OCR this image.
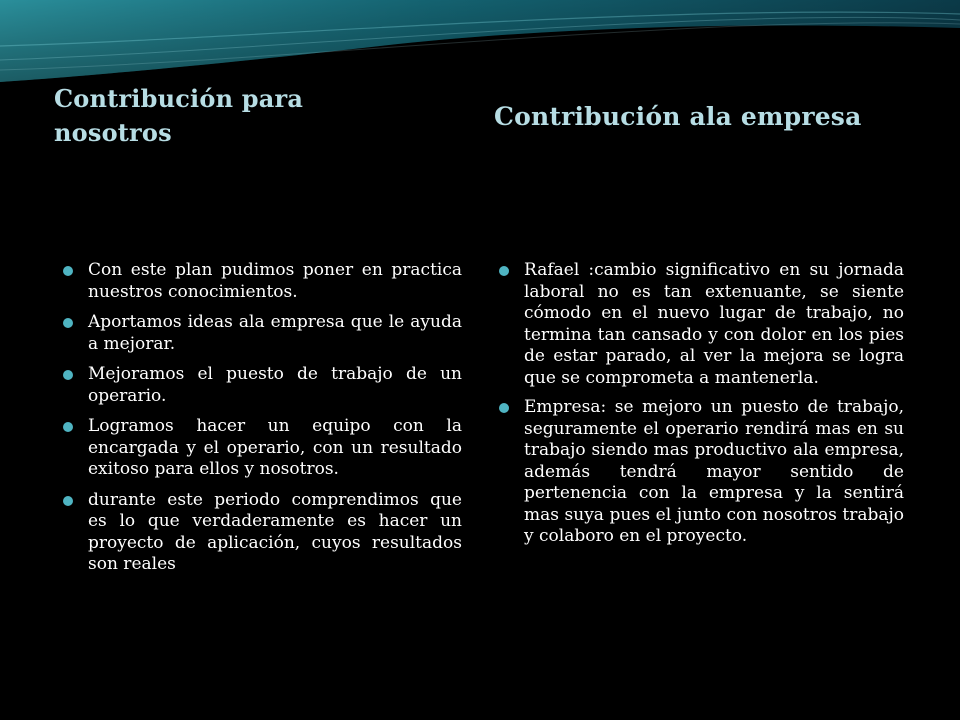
Contribución para nosotros
Contribución ala empresa
Con este plan pudimos poner en practica nuestros conocimientos.
Aportamos ideas ala empresa que le ayuda a mejorar.
Mejoramos el puesto de trabajo de un operario.
Logramos hacer un equipo con la encargada y el operario, con un resultado exitoso para ellos y nosotros.
durante este periodo comprendimos que es lo que verdaderamente es hacer un proyecto de aplicación, cuyos resultados son reales
Rafael :cambio significativo en su jornada laboral no es tan extenuante, se siente cómodo en el nuevo lugar de trabajo, no termina tan cansado y con dolor en los pies de estar parado, al ver la mejora se logra que se comprometa a mantenerla.
Empresa: se mejoro un puesto de trabajo, seguramente el operario rendirá mas en su trabajo siendo mas productivo ala empresa, además tendrá mayor sentido de pertenencia con la empresa y la sentirá mas suya pues el junto con nosotros trabajo y colaboro en el proyecto.
